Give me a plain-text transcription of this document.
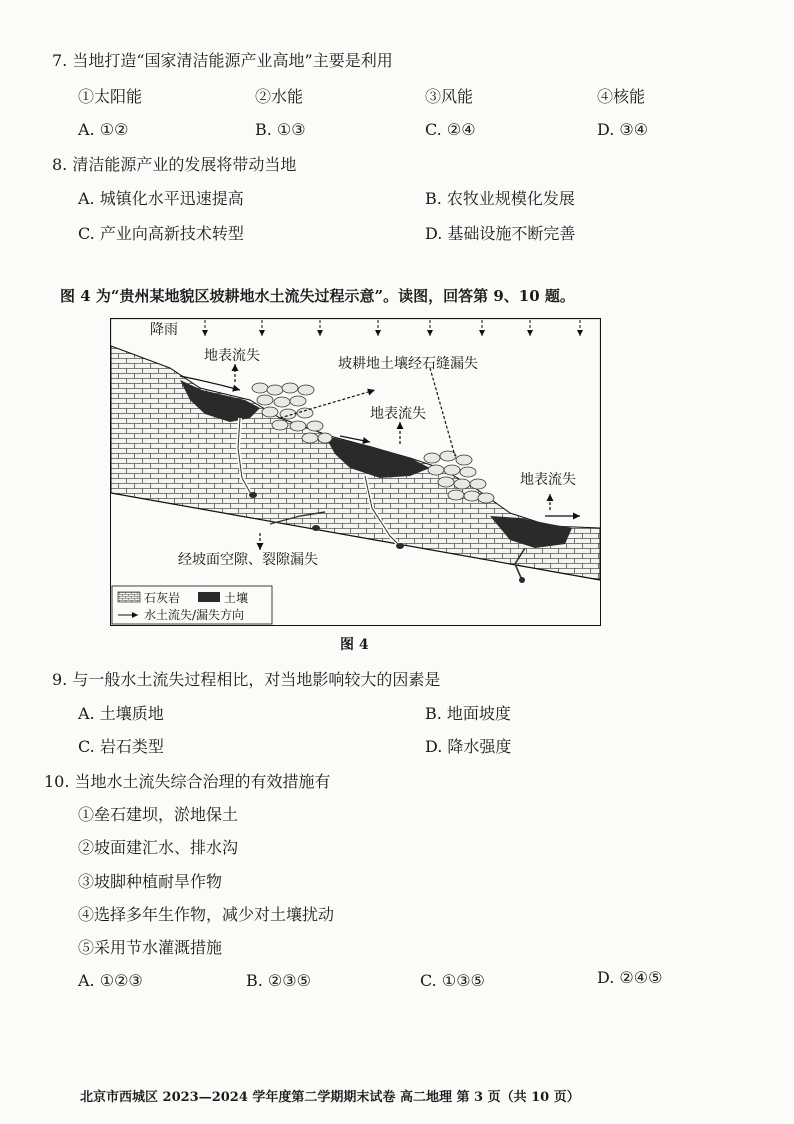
7. 当地打造“国家清洁能源产业高地”主要是利用
①太阳能	②水能	③风能	④核能
A. ①②	B. ①③	C. ②④	D. ③④
8. 清洁能源产业的发展将带动当地
A. 城镇化水平迅速提高	B. 农牧业规模化发展
C. 产业向高新技术转型	D. 基础设施不断完善
图 4 为“贵州某地貌区坡耕地水土流失过程示意”。读图，回答第 9、10 题。
降雨
地表流失	坡耕地土壤经石缝漏失
地表流失
地表流失
经坡面空隙、裂隙漏失
石灰岩	土壤
水土流失/漏失方向
图 4
9. 与一般水土流失过程相比，对当地影响较大的因素是
A. 土壤质地	B. 地面坡度
C. 岩石类型	D. 降水强度
10. 当地水土流失综合治理的有效措施有
①垒石建坝，淤地保土
②坡面建汇水、排水沟
③坡脚种植耐旱作物
④选择多年生作物，减少对土壤扰动
⑤采用节水灌溉措施
A. ①②③	B. ②③⑤	C. ①③⑤	D. ②④⑤
北京市西城区 2023—2024 学年度第二学期期末试卷 高二地理 第 3 页（共 10 页）
